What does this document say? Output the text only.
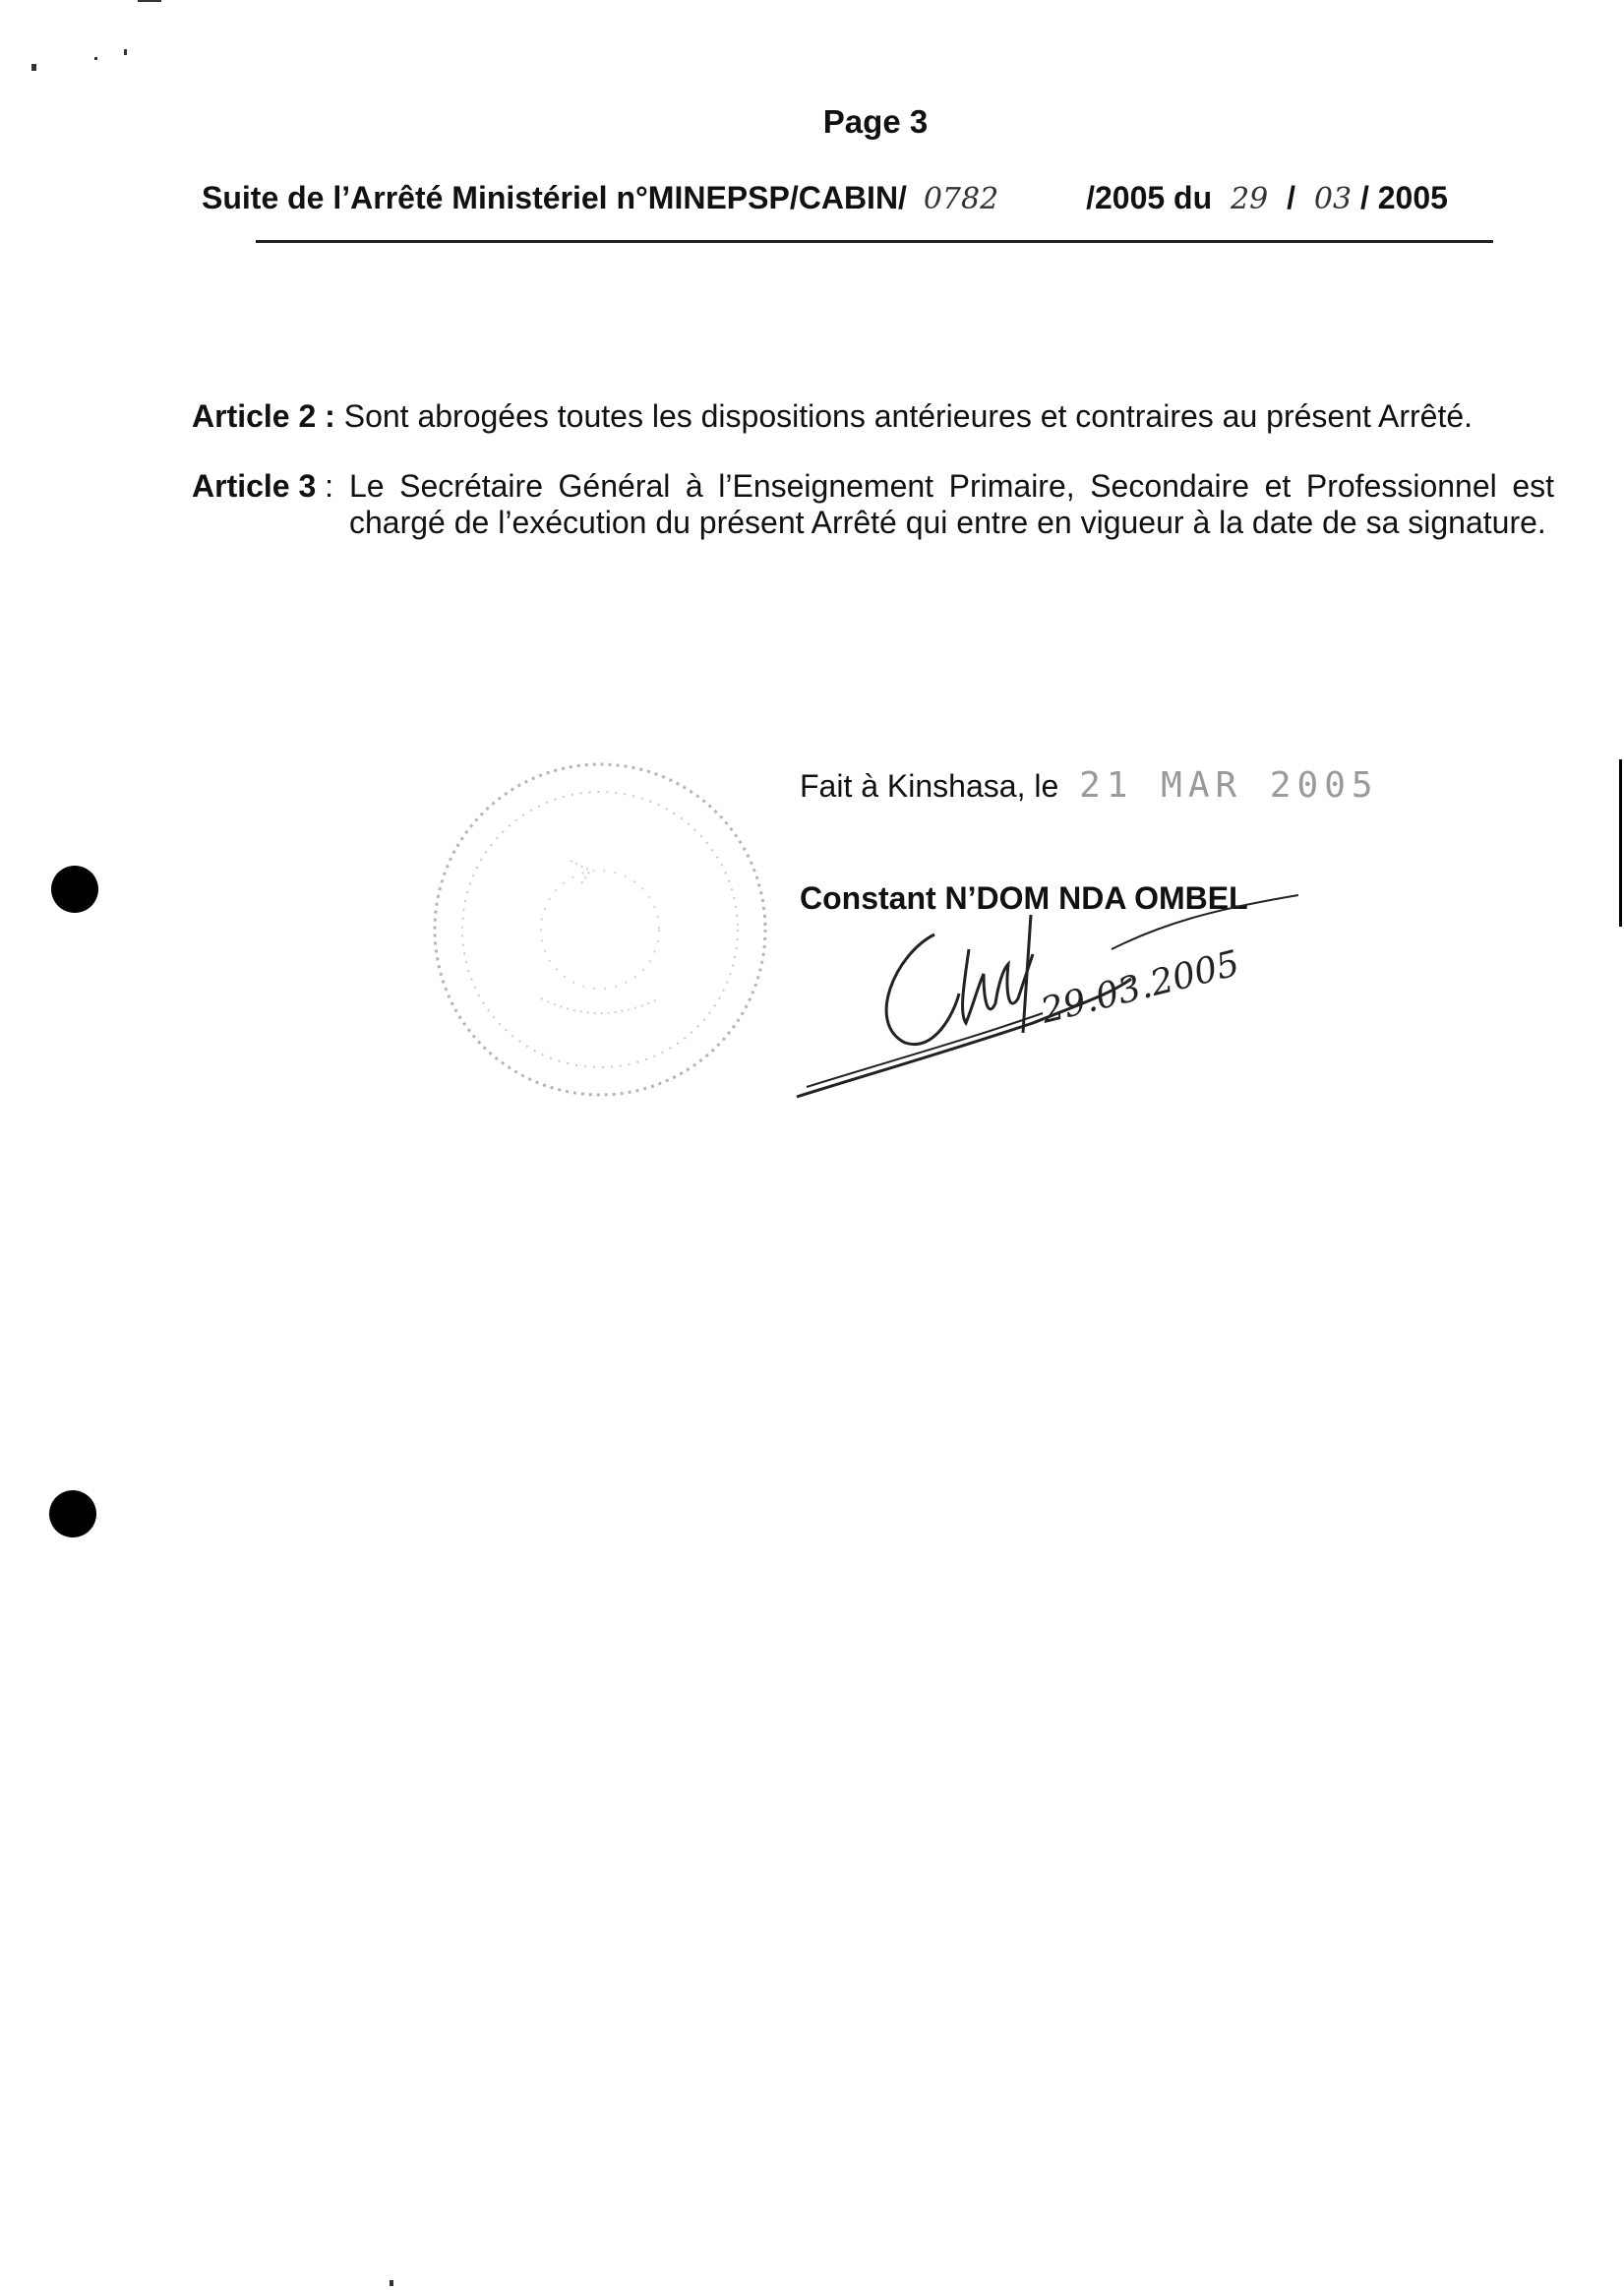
Page 3
Suite de l’Arrêté Ministériel n°MINEPSP/CABIN/ 0782	/2005 du 29 / 03 / 2005
Article 2 : Sont abrogées toutes les dispositions antérieures et contraires au présent Arrêté.
Article 3 : Le Secrétaire Général à l’Enseignement Primaire, Secondaire et Professionnel est chargé de l’exécution du présent Arrêté qui entre en vigueur à la date de sa signature.
Fait à Kinshasa, le 21 MAR 2005
Constant N’DOM NDA OMBEL
29.03.2005
